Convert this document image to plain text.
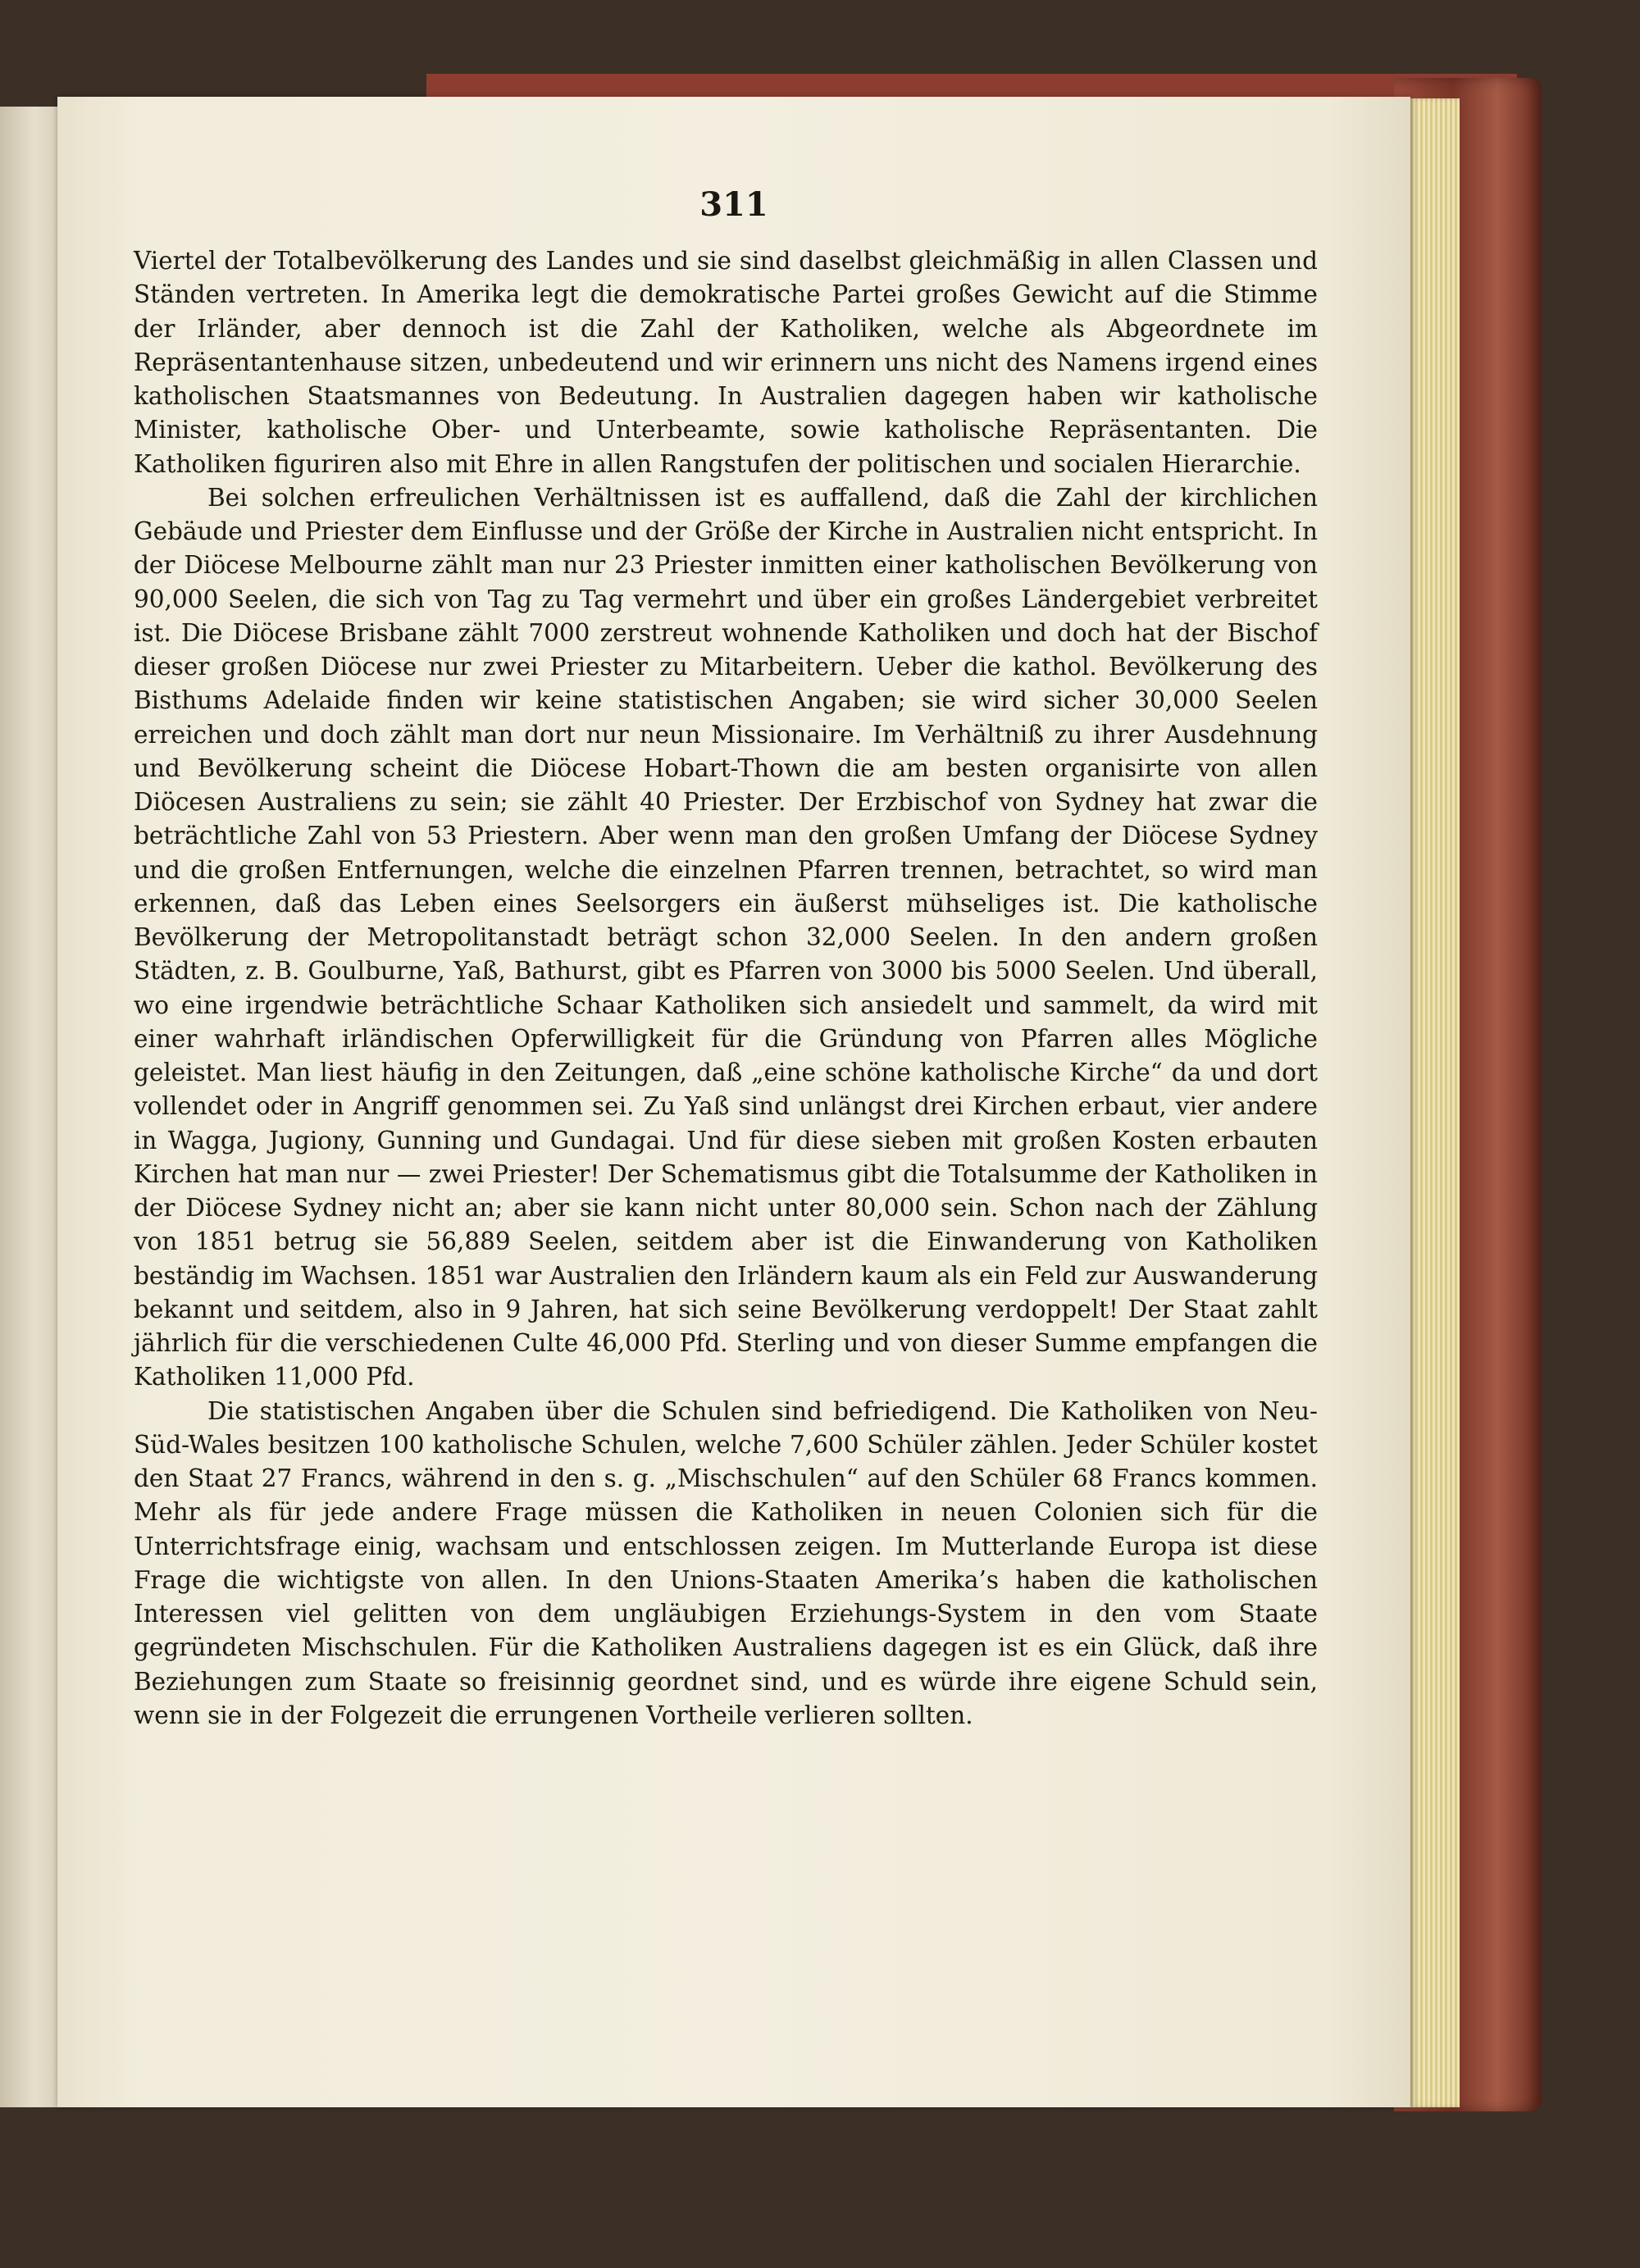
311

Viertel der Totalbevölkerung des Landes und sie sind daselbst gleichmäßig in allen Classen und Ständen vertreten. In Amerika legt die demokratische Partei großes Gewicht auf die Stimme der Irländer, aber dennoch ist die Zahl der Katholiken, welche als Abgeordnete im Repräsentantenhause sitzen, unbedeutend und wir erinnern uns nicht des Namens irgend eines katholischen Staatsmannes von Bedeutung. In Australien dagegen haben wir katholische Minister, katholische Ober- und Unterbeamte, sowie katholische Repräsentanten. Die Katholiken figuriren also mit Ehre in allen Rangstufen der politischen und socialen Hierarchie.

Bei solchen erfreulichen Verhältnissen ist es auffallend, daß die Zahl der kirchlichen Gebäude und Priester dem Einflusse und der Größe der Kirche in Australien nicht entspricht. In der Diöcese Melbourne zählt man nur 23 Priester inmitten einer katholischen Bevölkerung von 90,000 Seelen, die sich von Tag zu Tag vermehrt und über ein großes Ländergebiet verbreitet ist. Die Diöcese Brisbane zählt 7000 zerstreut wohnende Katholiken und doch hat der Bischof dieser großen Diöcese nur zwei Priester zu Mitarbeitern. Ueber die kathol. Bevölkerung des Bisthums Adelaide finden wir keine statistischen Angaben; sie wird sicher 30,000 Seelen erreichen und doch zählt man dort nur neun Missionaire. Im Verhältniß zu ihrer Ausdehnung und Bevölkerung scheint die Diöcese Hobart-Thown die am besten organisirte von allen Diöcesen Australiens zu sein; sie zählt 40 Priester. Der Erzbischof von Sydney hat zwar die beträchtliche Zahl von 53 Priestern. Aber wenn man den großen Umfang der Diöcese Sydney und die großen Entfernungen, welche die einzelnen Pfarren trennen, betrachtet, so wird man erkennen, daß das Leben eines Seelsorgers ein äußerst mühseliges ist. Die katholische Bevölkerung der Metropolitanstadt beträgt schon 32,000 Seelen. In den andern großen Städten, z. B. Goulburne, Yaß, Bathurst, gibt es Pfarren von 3000 bis 5000 Seelen. Und überall, wo eine irgendwie beträchtliche Schaar Katholiken sich ansiedelt und sammelt, da wird mit einer wahrhaft irländischen Opferwilligkeit für die Gründung von Pfarren alles Mögliche geleistet. Man liest häufig in den Zeitungen, daß „eine schöne katholische Kirche“ da und dort vollendet oder in Angriff genommen sei. Zu Yaß sind unlängst drei Kirchen erbaut, vier andere in Wagga, Jugiony, Gunning und Gundagai. Und für diese sieben mit großen Kosten erbauten Kirchen hat man nur — zwei Priester! Der Schematismus gibt die Totalsumme der Katholiken in der Diöcese Sydney nicht an; aber sie kann nicht unter 80,000 sein. Schon nach der Zählung von 1851 betrug sie 56,889 Seelen, seitdem aber ist die Einwanderung von Katholiken beständig im Wachsen. 1851 war Australien den Irländern kaum als ein Feld zur Auswanderung bekannt und seitdem, also in 9 Jahren, hat sich seine Bevölkerung verdoppelt! Der Staat zahlt jährlich für die verschiedenen Culte 46,000 Pfd. Sterling und von dieser Summe empfangen die Katholiken 11,000 Pfd.

Die statistischen Angaben über die Schulen sind befriedigend. Die Katholiken von Neu-Süd-Wales besitzen 100 katholische Schulen, welche 7,600 Schüler zählen. Jeder Schüler kostet den Staat 27 Francs, während in den s. g. „Mischschulen“ auf den Schüler 68 Francs kommen. Mehr als für jede andere Frage müssen die Katholiken in neuen Colonien sich für die Unterrichtsfrage einig, wachsam und entschlossen zeigen. Im Mutterlande Europa ist diese Frage die wichtigste von allen. In den Unions-Staaten Amerika’s haben die katholischen Interessen viel gelitten von dem ungläubigen Erziehungs-System in den vom Staate gegründeten Mischschulen. Für die Katholiken Australiens dagegen ist es ein Glück, daß ihre Beziehungen zum Staate so freisinnig geordnet sind, und es würde ihre eigene Schuld sein, wenn sie in der Folgezeit die errungenen Vortheile verlieren sollten.
